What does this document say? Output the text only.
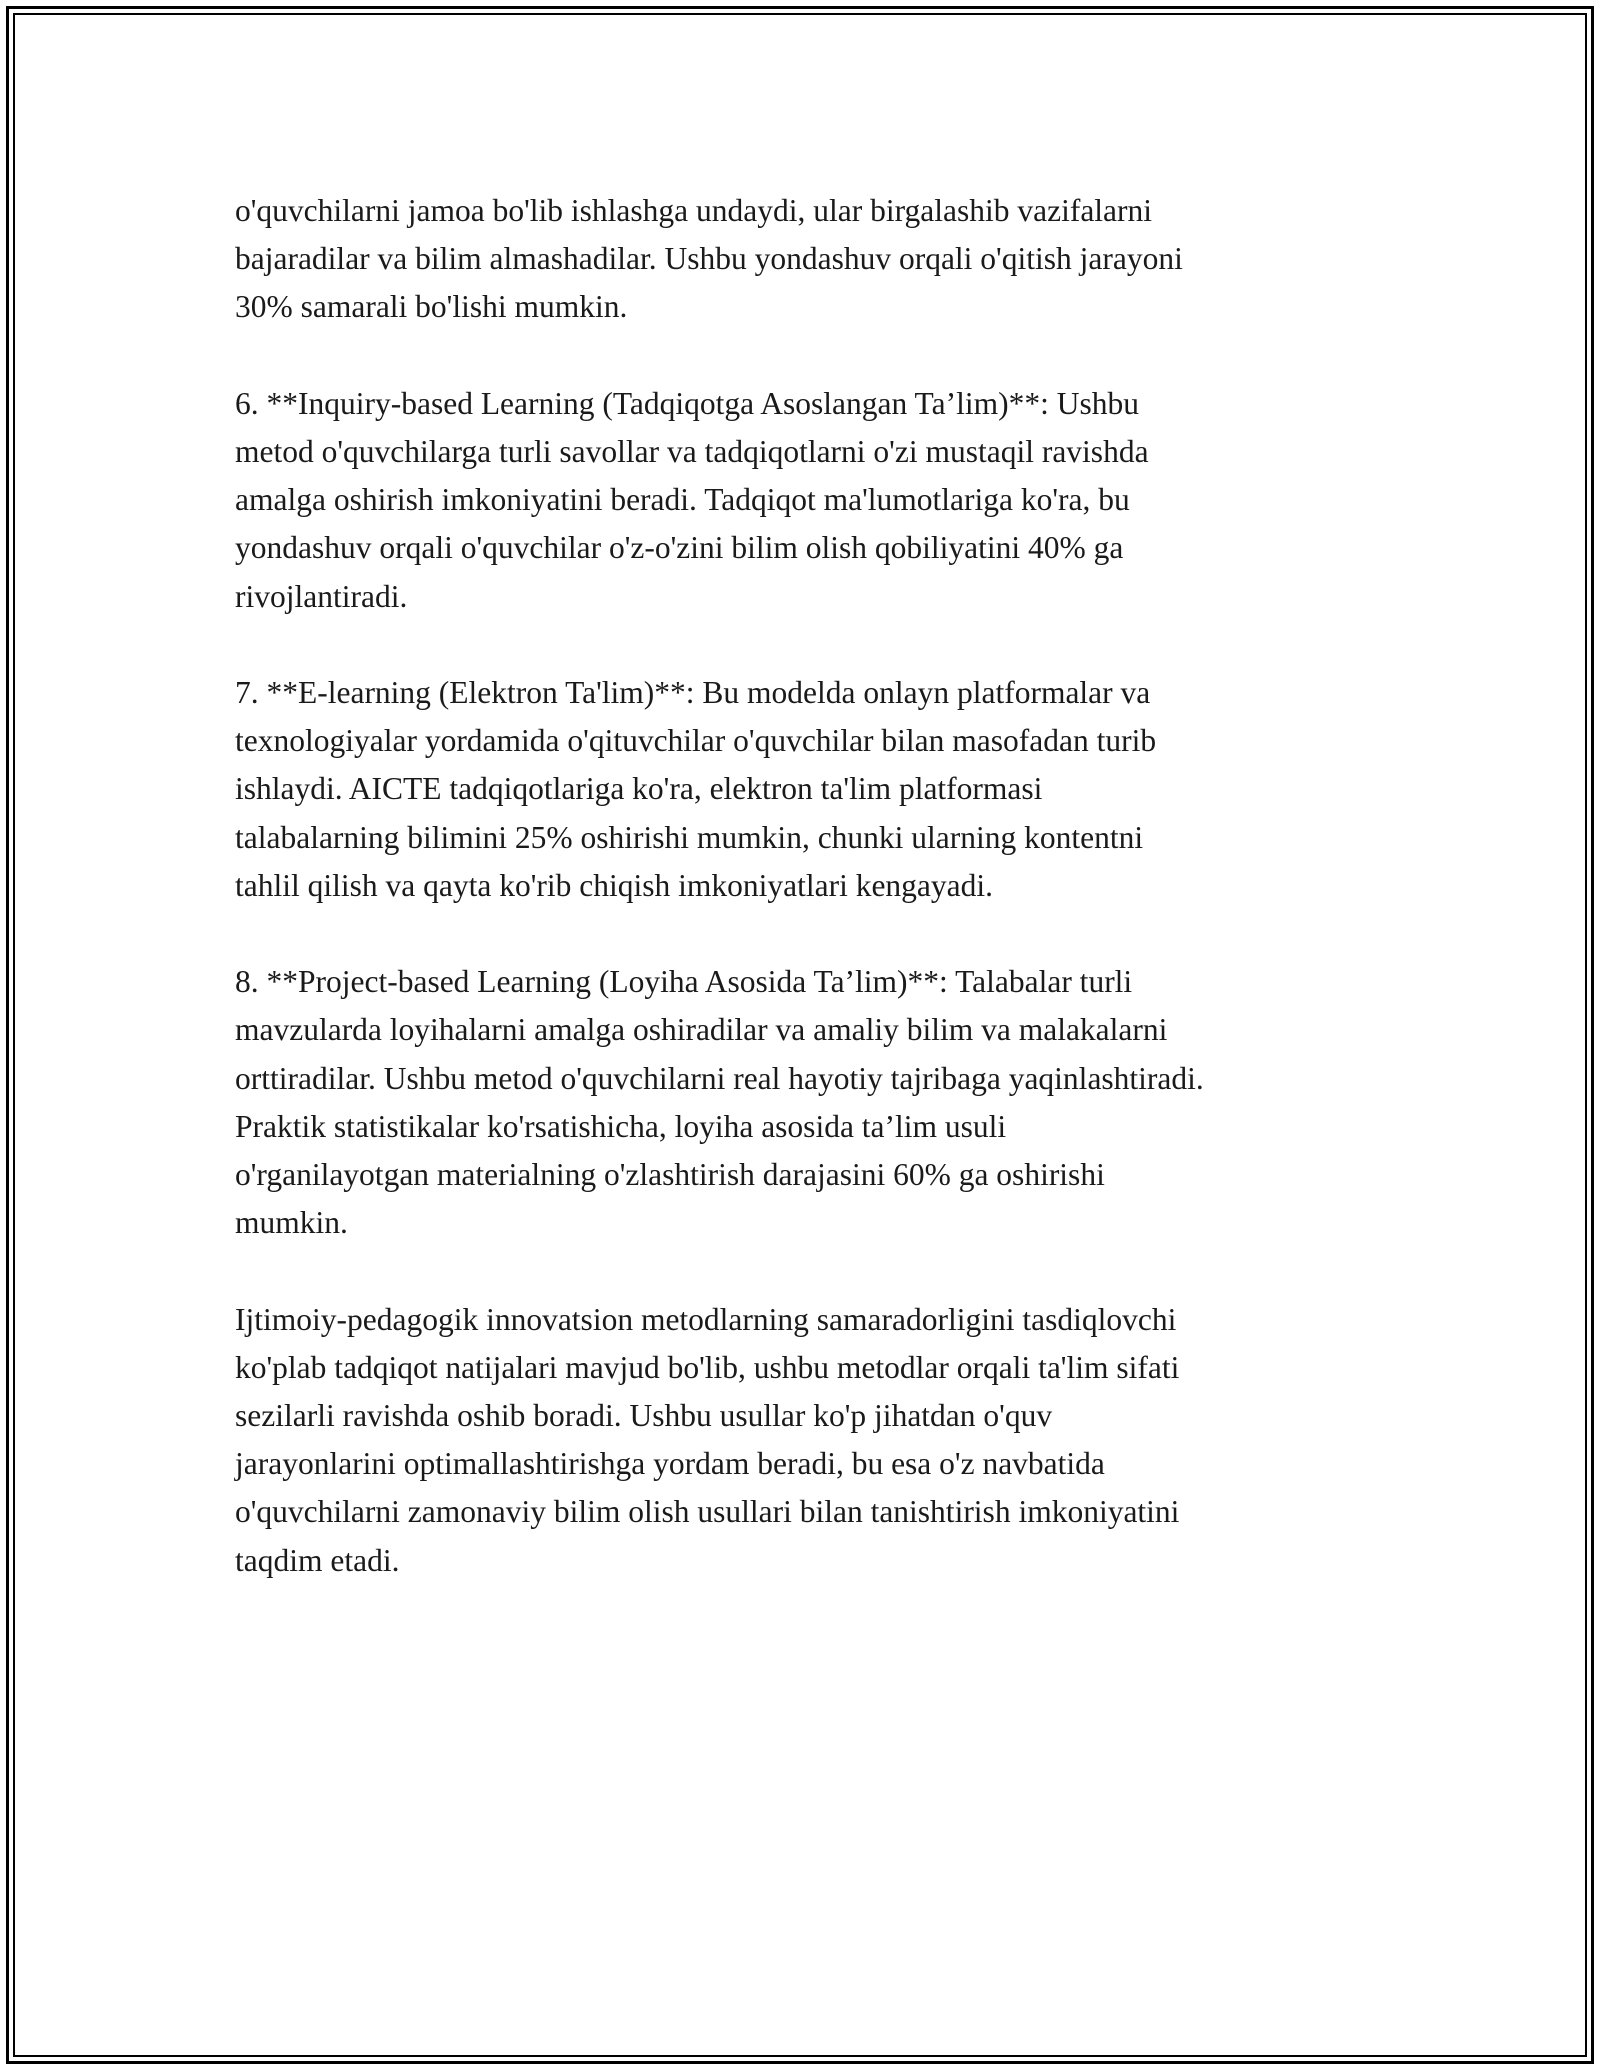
o'quvchilarni jamoa bo'lib ishlashga undaydi, ular birgalashib vazifalarni
bajaradilar va bilim almashadilar. Ushbu yondashuv orqali o'qitish jarayoni
30% samarali bo'lishi mumkin.

6. **Inquiry-based Learning (Tadqiqotga Asoslangan Ta’lim)**: Ushbu
metod o'quvchilarga turli savollar va tadqiqotlarni o'zi mustaqil ravishda
amalga oshirish imkoniyatini beradi. Tadqiqot ma'lumotlariga ko'ra, bu
yondashuv orqali o'quvchilar o'z-o'zini bilim olish qobiliyatini 40% ga
rivojlantiradi.

7. **E-learning (Elektron Ta'lim)**: Bu modelda onlayn platformalar va
texnologiyalar yordamida o'qituvchilar o'quvchilar bilan masofadan turib
ishlaydi. AICTE tadqiqotlariga ko'ra, elektron ta'lim platformasi
talabalarning bilimini 25% oshirishi mumkin, chunki ularning kontentni
tahlil qilish va qayta ko'rib chiqish imkoniyatlari kengayadi.

8. **Project-based Learning (Loyiha Asosida Ta’lim)**: Talabalar turli
mavzularda loyihalarni amalga oshiradilar va amaliy bilim va malakalarni
orttiradilar. Ushbu metod o'quvchilarni real hayotiy tajribaga yaqinlashtiradi.
Praktik statistikalar ko'rsatishicha, loyiha asosida ta’lim usuli
o'rganilayotgan materialning o'zlashtirish darajasini 60% ga oshirishi
mumkin.

Ijtimoiy-pedagogik innovatsion metodlarning samaradorligini tasdiqlovchi
ko'plab tadqiqot natijalari mavjud bo'lib, ushbu metodlar orqali ta'lim sifati
sezilarli ravishda oshib boradi. Ushbu usullar ko'p jihatdan o'quv
jarayonlarini optimallashtirishga yordam beradi, bu esa o'z navbatida
o'quvchilarni zamonaviy bilim olish usullari bilan tanishtirish imkoniyatini
taqdim etadi.
